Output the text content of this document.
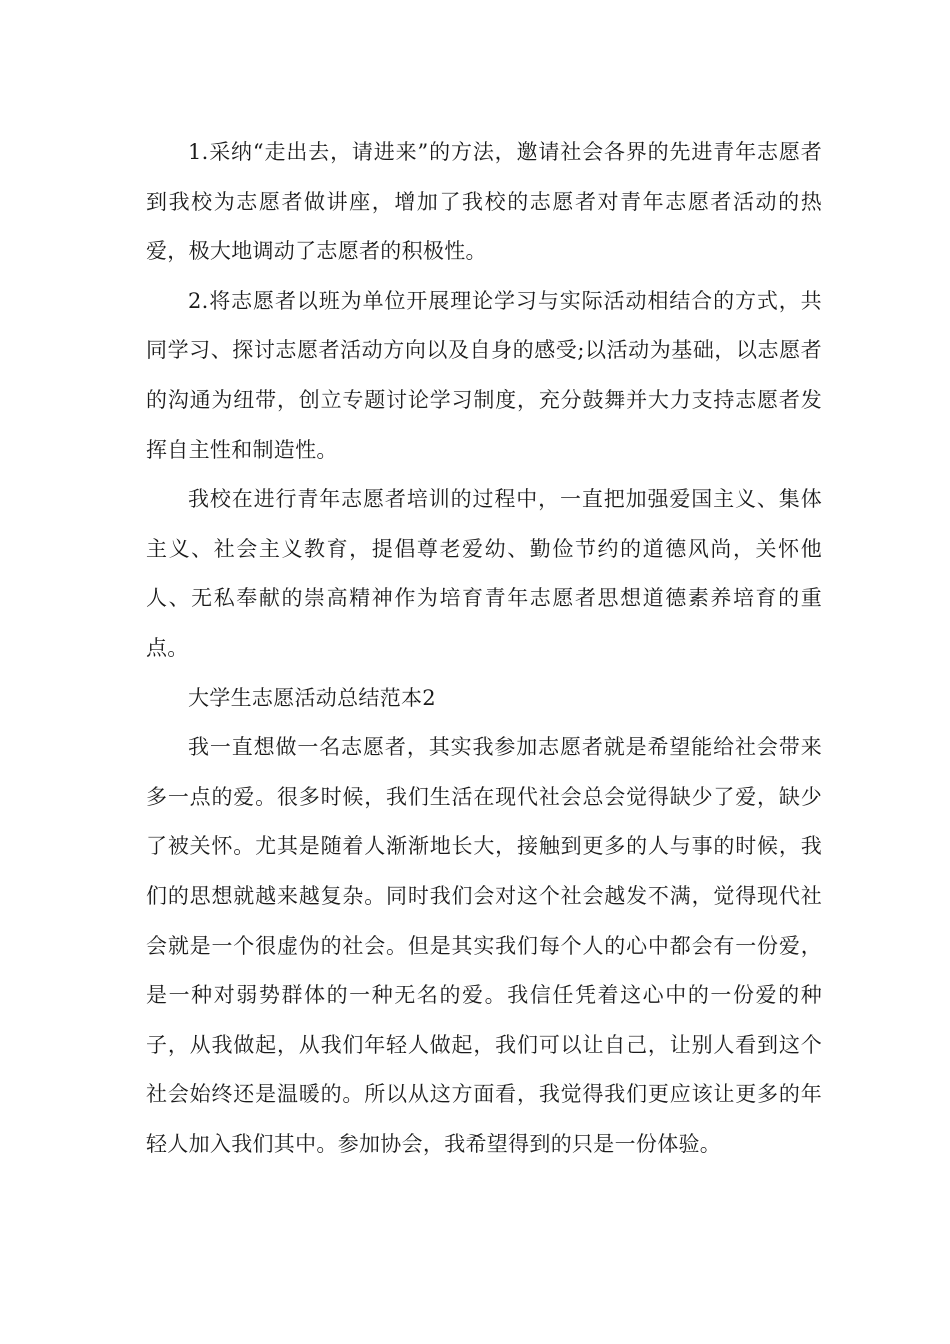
1.采纳“走出去，请进来”的方法，邀请社会各界的先进青年志愿者到我校为志愿者做讲座，增加了我校的志愿者对青年志愿者活动的热爱，极大地调动了志愿者的积极性。

2.将志愿者以班为单位开展理论学习与实际活动相结合的方式，共同学习、探讨志愿者活动方向以及自身的感受;以活动为基础，以志愿者的沟通为纽带，创立专题讨论学习制度，充分鼓舞并大力支持志愿者发挥自主性和制造性。

我校在进行青年志愿者培训的过程中，一直把加强爱国主义、集体主义、社会主义教育，提倡尊老爱幼、勤俭节约的道德风尚，关怀他人、无私奉献的崇高精神作为培育青年志愿者思想道德素养培育的重点。

大学生志愿活动总结范本2

我一直想做一名志愿者，其实我参加志愿者就是希望能给社会带来多一点的爱。很多时候，我们生活在现代社会总会觉得缺少了爱，缺少了被关怀。尤其是随着人渐渐地长大，接触到更多的人与事的时候，我们的思想就越来越复杂。同时我们会对这个社会越发不满，觉得现代社会就是一个很虚伪的社会。但是其实我们每个人的心中都会有一份爱，是一种对弱势群体的一种无名的爱。我信任凭着这心中的一份爱的种子，从我做起，从我们年轻人做起，我们可以让自己，让别人看到这个社会始终还是温暖的。所以从这方面看，我觉得我们更应该让更多的年轻人加入我们其中。参加协会，我希望得到的只是一份体验。
